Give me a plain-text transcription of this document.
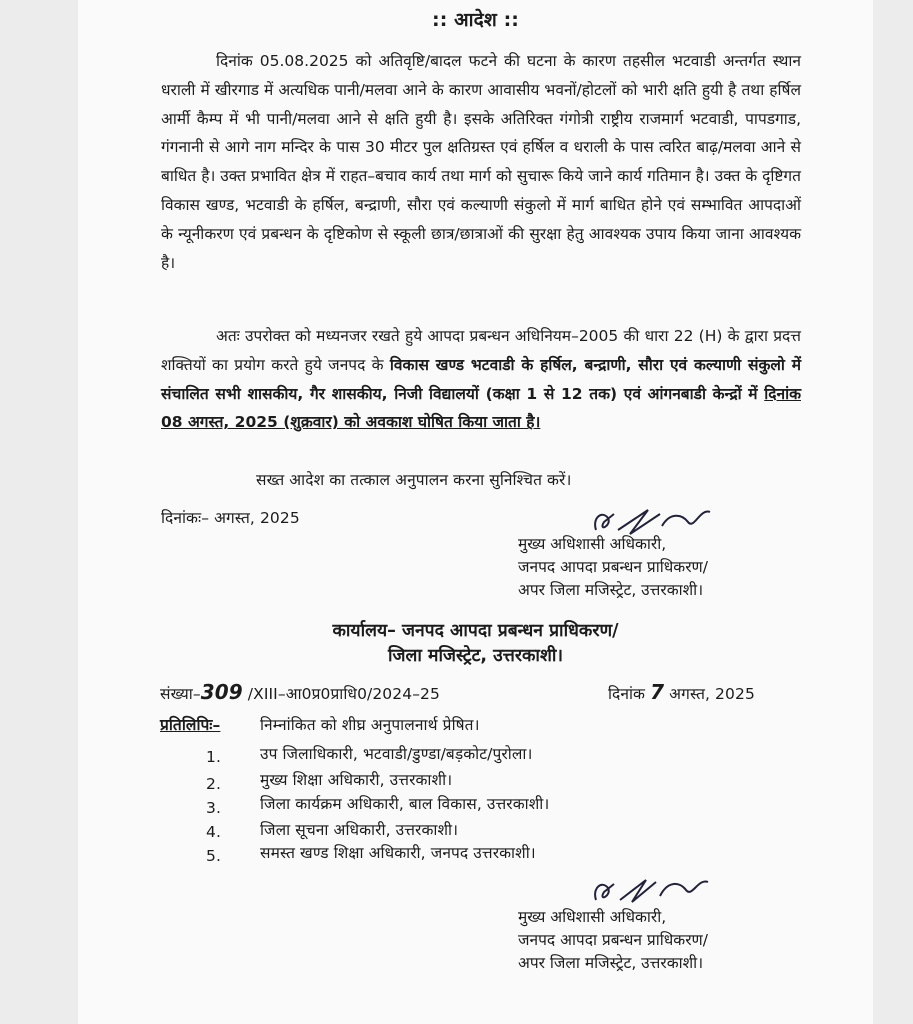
:: आदेश ::

दिनांक 05.08.2025 को अतिवृष्टि/बादल फटने की घटना के कारण तहसील भटवाडी अन्तर्गत स्थान धराली में खीरगाड में अत्यधिक पानी/मलवा आने के कारण आवासीय भवनों/होटलों को भारी क्षति हुयी है तथा हर्षिल आर्मी कैम्प में भी पानी/मलवा आने से क्षति हुयी है। इसके अतिरिक्त गंगोत्री राष्ट्रीय राजमार्ग भटवाडी, पापडगाड, गंगनानी से आगे नाग मन्दिर के पास 30 मीटर पुल क्षतिग्रस्त एवं हर्षिल व धराली के पास त्वरित बाढ़/मलवा आने से बाधित है। उक्त प्रभावित क्षेत्र में राहत–बचाव कार्य तथा मार्ग को सुचारू किये जाने कार्य गतिमान है। उक्त के दृष्टिगत विकास खण्ड, भटवाडी के हर्षिल, बन्द्राणी, सौरा एवं कल्याणी संकुलो में मार्ग बाधित होने एवं सम्भावित आपदाओं के न्यूनीकरण एवं प्रबन्धन के दृष्टिकोण से स्कूली छात्र/छात्राओं की सुरक्षा हेतु आवश्यक उपाय किया जाना आवश्यक है।

अतः उपरोक्त को मध्यनजर रखते हुये आपदा प्रबन्धन अधिनियम–2005 की धारा 22 (H) के द्वारा प्रदत्त शक्तियों का प्रयोग करते हुये जनपद के विकास खण्ड भटवाडी के हर्षिल, बन्द्राणी, सौरा एवं कल्याणी संकुलो में संचालित सभी शासकीय, गैर शासकीय, निजी विद्यालयों (कक्षा 1 से 12 तक) एवं आंगनबाडी केन्द्रों में दिनांक 08 अगस्त, 2025 (शुक्रवार) को अवकाश घोषित किया जाता है।

सख्त आदेश का तत्काल अनुपालन करना सुनिश्चित करें।
दिनांकः– अगस्त, 2025
मुख्य अधिशासी अधिकारी,
जनपद आपदा प्रबन्धन प्राधिकरण/
अपर जिला मजिस्ट्रेट, उत्तरकाशी।
कार्यालय– जनपद आपदा प्रबन्धन प्राधिकरण/
जिला मजिस्ट्रेट, उत्तरकाशी।
संख्या–309 /XIII–आ0प्र0प्राधि0/2024–25	दिनांक 7 अगस्त, 2025
प्रतिलिपिः–	निम्नांकित को शीघ्र अनुपालनार्थ प्रेषित।
1.	उप जिलाधिकारी, भटवाडी/डुण्डा/बड़कोट/पुरोला।
2.	मुख्य शिक्षा अधिकारी, उत्तरकाशी।
3.	जिला कार्यक्रम अधिकारी, बाल विकास, उत्तरकाशी।
4.	जिला सूचना अधिकारी, उत्तरकाशी।
5.	समस्त खण्ड शिक्षा अधिकारी, जनपद उत्तरकाशी।
मुख्य अधिशासी अधिकारी,
जनपद आपदा प्रबन्धन प्राधिकरण/
अपर जिला मजिस्ट्रेट, उत्तरकाशी।
